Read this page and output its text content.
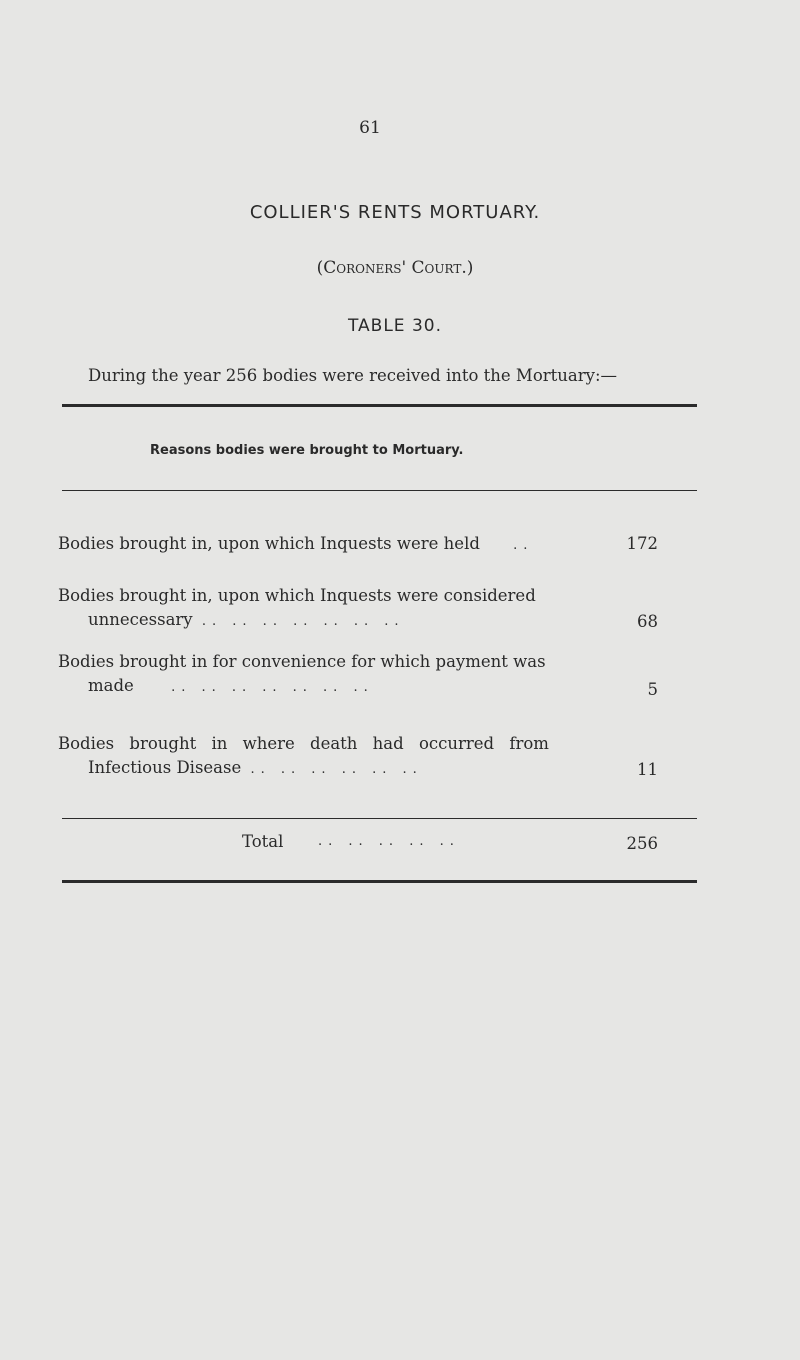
61
COLLIER'S RENTS MORTUARY.
(Coroners' Court.)
TABLE 30.
During the year 256 bodies were received into the Mortuary:—
Reasons bodies were brought to Mortuary.
Bodies brought in, upon which Inquests were held	..	172
Bodies brought in, upon which Inquests were considered
unnecessary .. .. .. .. .. .. ..	68
Bodies brought in for convenience for which payment was
made	.. .. .. .. .. .. ..	5
Bodies brought in where death had occurred from
Infectious Disease .. .. .. .. .. ..	11
Total	.. .. .. .. ..	256
